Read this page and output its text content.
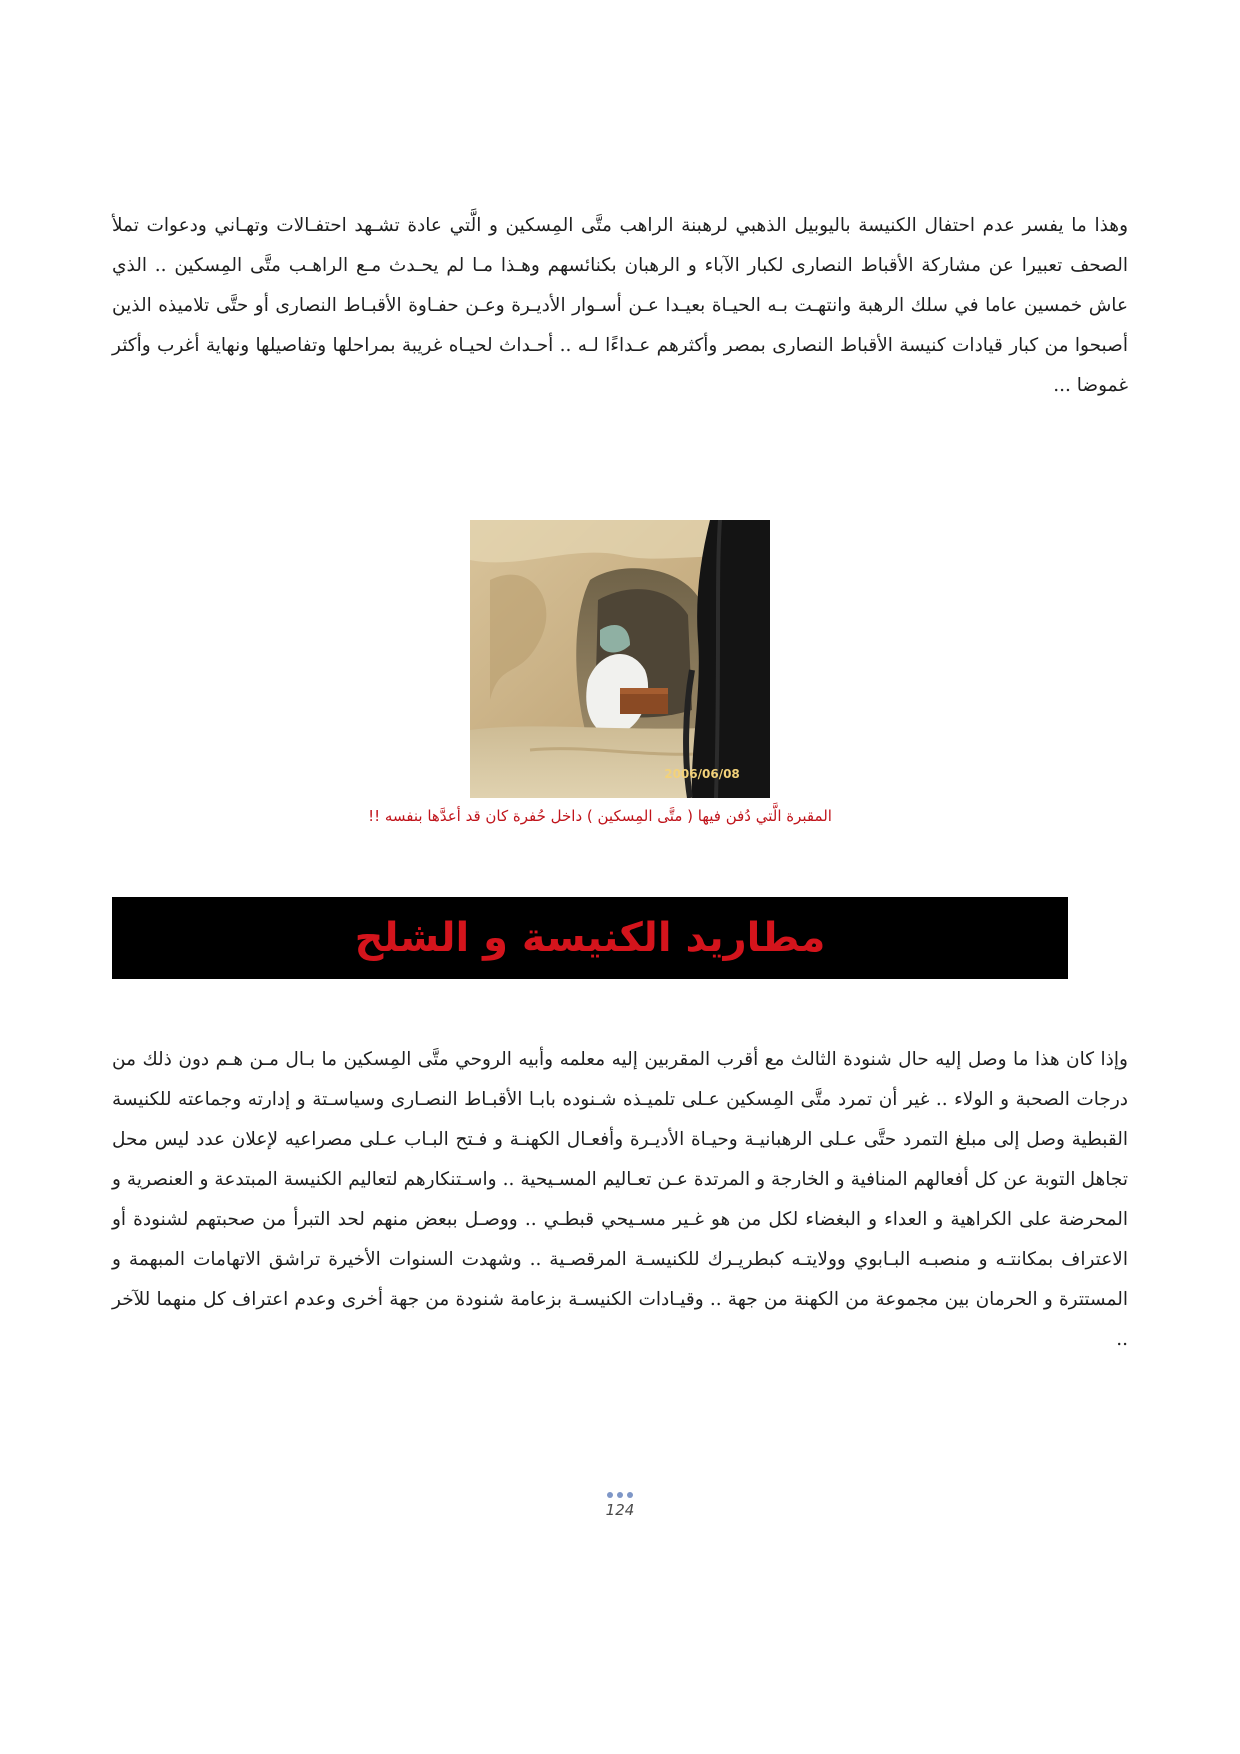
وهذا ما يفسر عدم احتفال الكنيسة باليوبيل الذهبي لرهبنة الراهب متَّى المِسكين و الَّتي عادة تشـهد احتفـالات وتهـاني ودعوات تملأ الصحف تعبيرا عن مشاركة الأقباط النصارى لكبار الآباء و الرهبان بكنائسهم وهـذا مـا لم يحـدث مـع الراهـب متَّى المِسكين .. الذي عاش خمسين عاما في سلك الرهبة وانتهـت بـه الحيـاة بعيـدا عـن أسـوار الأديـرة وعـن حفـاوة الأقبـاط النصارى أو حتَّى تلاميذه الذين أصبحوا من كبار قيادات كنيسة الأقباط النصارى بمصر وأكثرهم عـداءًا لـه .. أحـداث لحيـاه غريبة بمراحلها وتفاصيلها ونهاية أغرب وأكثر غموضا ...

2006/06/08
المقبرة الَّتي دُفن فيها ( متَّى المِسكين ) داخل حُفرة كان قد أعدَّها بنفسه !!
مطاريد الكنيسة و الشلح

وإذا كان هذا ما وصل إليه حال شنودة الثالث مع أقرب المقربين إليه معلمه وأبيه الروحي متَّى المِسكين ما بـال مـن هـم دون ذلك من درجات الصحبة و الولاء .. غير أن تمرد متَّى المِسكين عـلى تلميـذه شـنوده بابـا الأقبـاط النصـارى وسياسـتة و إدارته وجماعته للكنيسة القبطية وصل إلى مبلغ التمرد حتَّى عـلى الرهبانيـة وحيـاة الأديـرة وأفعـال الكهنـة و فـتح البـاب عـلى مصراعيه لإعلان عدد ليس محل تجاهل التوبة عن كل أفعالهم المنافية و الخارجة و المرتدة عـن تعـاليم المسـيحية .. واسـتنكارهم لتعاليم الكنيسة المبتدعة و العنصرية و المحرضة على الكراهية و العداء و البغضاء لكل من هو غـير مسـيحي قبطـي .. ووصـل ببعض منهم لحد التبرأ من صحبتهم لشنودة أو الاعتراف بمكانتـه و منصبـه البـابوي وولايتـه كبطريـرك للكنيسـة المرقصـية .. وشهدت السنوات الأخيرة تراشق الاتهامات المبهمة و المستترة و الحرمان بين مجموعة من الكهنة من جهة .. وقيـادات الكنيسـة بزعامة شنودة من جهة أخرى وعدم اعتراف كل منهما للآخر ..

124
